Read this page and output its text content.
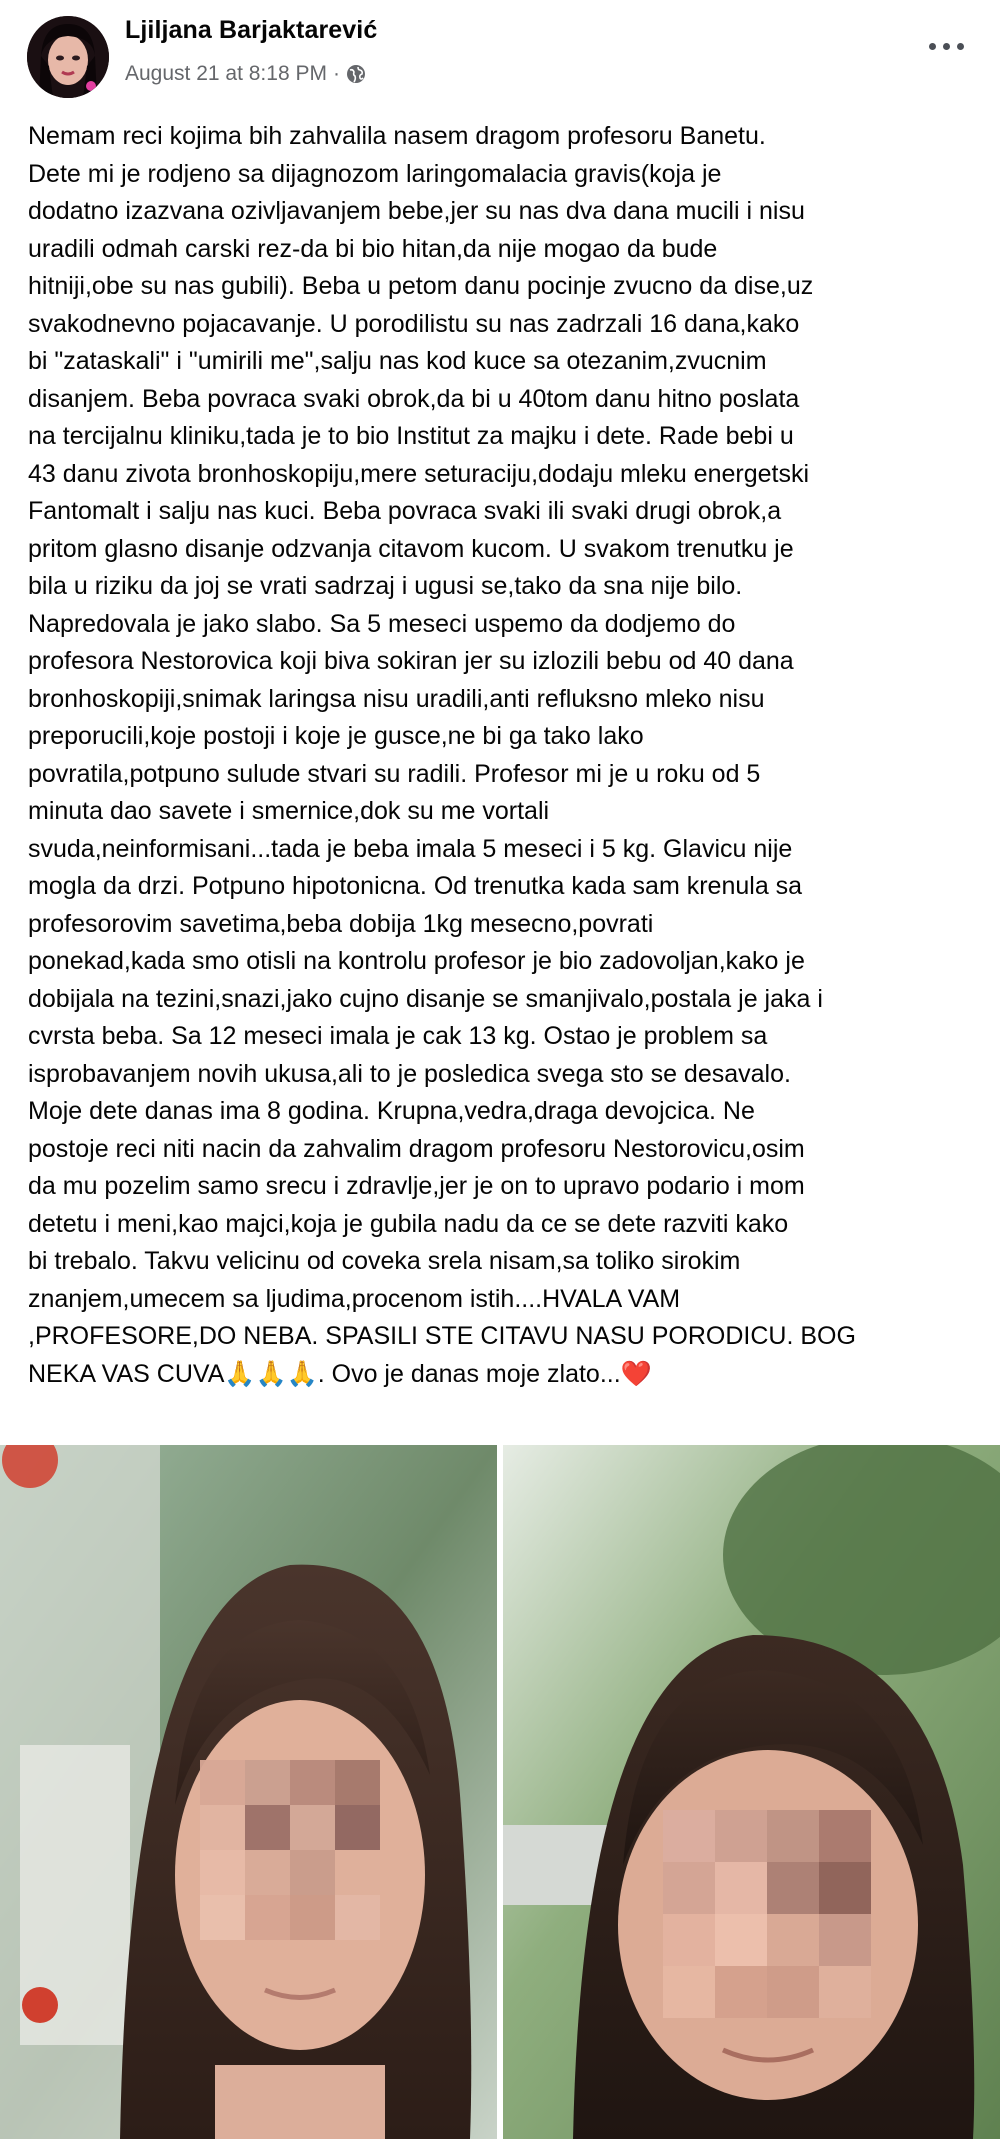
Ljiljana Barjaktarević
August 21 at 8:18 PM ·
Nemam reci kojima bih zahvalila nasem dragom profesoru Banetu.
Dete mi je rodjeno sa dijagnozom laringomalacia gravis(koja je
dodatno izazvana ozivljavanjem bebe,jer su nas dva dana mucili i nisu
uradili odmah carski rez-da bi bio hitan,da nije mogao da bude
hitniji,obe su nas gubili). Beba u petom danu pocinje zvucno da dise,uz
svakodnevno pojacavanje. U porodilistu su nas zadrzali 16 dana,kako
bi "zataskali" i "umirili me",salju nas kod kuce sa otezanim,zvucnim
disanjem. Beba povraca svaki obrok,da bi u 40tom danu hitno poslata
na tercijalnu kliniku,tada je to bio Institut za majku i dete. Rade bebi u
43 danu zivota bronhoskopiju,mere seturaciju,dodaju mleku energetski
Fantomalt i salju nas kuci. Beba povraca svaki ili svaki drugi obrok,a
pritom glasno disanje odzvanja citavom kucom. U svakom trenutku je
bila u riziku da joj se vrati sadrzaj i ugusi se,tako da sna nije bilo.
Napredovala je jako slabo. Sa 5 meseci uspemo da dodjemo do
profesora Nestorovica koji biva sokiran jer su izlozili bebu od 40 dana
bronhoskopiji,snimak laringsa nisu uradili,anti refluksno mleko nisu
preporucili,koje postoji i koje je gusce,ne bi ga tako lako
povratila,potpuno sulude stvari su radili. Profesor mi je u roku od 5
minuta dao savete i smernice,dok su me vortali
svuda,neinformisani...tada je beba imala 5 meseci i 5 kg. Glavicu nije
mogla da drzi. Potpuno hipotonicna. Od trenutka kada sam krenula sa
profesorovim savetima,beba dobija 1kg mesecno,povrati
ponekad,kada smo otisli na kontrolu profesor je bio zadovoljan,kako je
dobijala na tezini,snazi,jako cujno disanje se smanjivalo,postala je jaka i
cvrsta beba. Sa 12 meseci imala je cak 13 kg. Ostao je problem sa
isprobavanjem novih ukusa,ali to je posledica svega sto se desavalo.
Moje dete danas ima 8 godina. Krupna,vedra,draga devojcica. Ne
postoje reci niti nacin da zahvalim dragom profesoru Nestorovicu,osim
da mu pozelim samo srecu i zdravlje,jer je on to upravo podario i mom
detetu i meni,kao majci,koja je gubila nadu da ce se dete razviti kako
bi trebalo. Takvu velicinu od coveka srela nisam,sa toliko sirokim
znanjem,umecem sa ljudima,procenom istih....HVALA VAM
,PROFESORE,DO NEBA. SPASILI STE CITAVU NASU PORODICU. BOG
NEKA VAS CUVA🙏🙏🙏. Ovo je danas moje zlato...❤️
